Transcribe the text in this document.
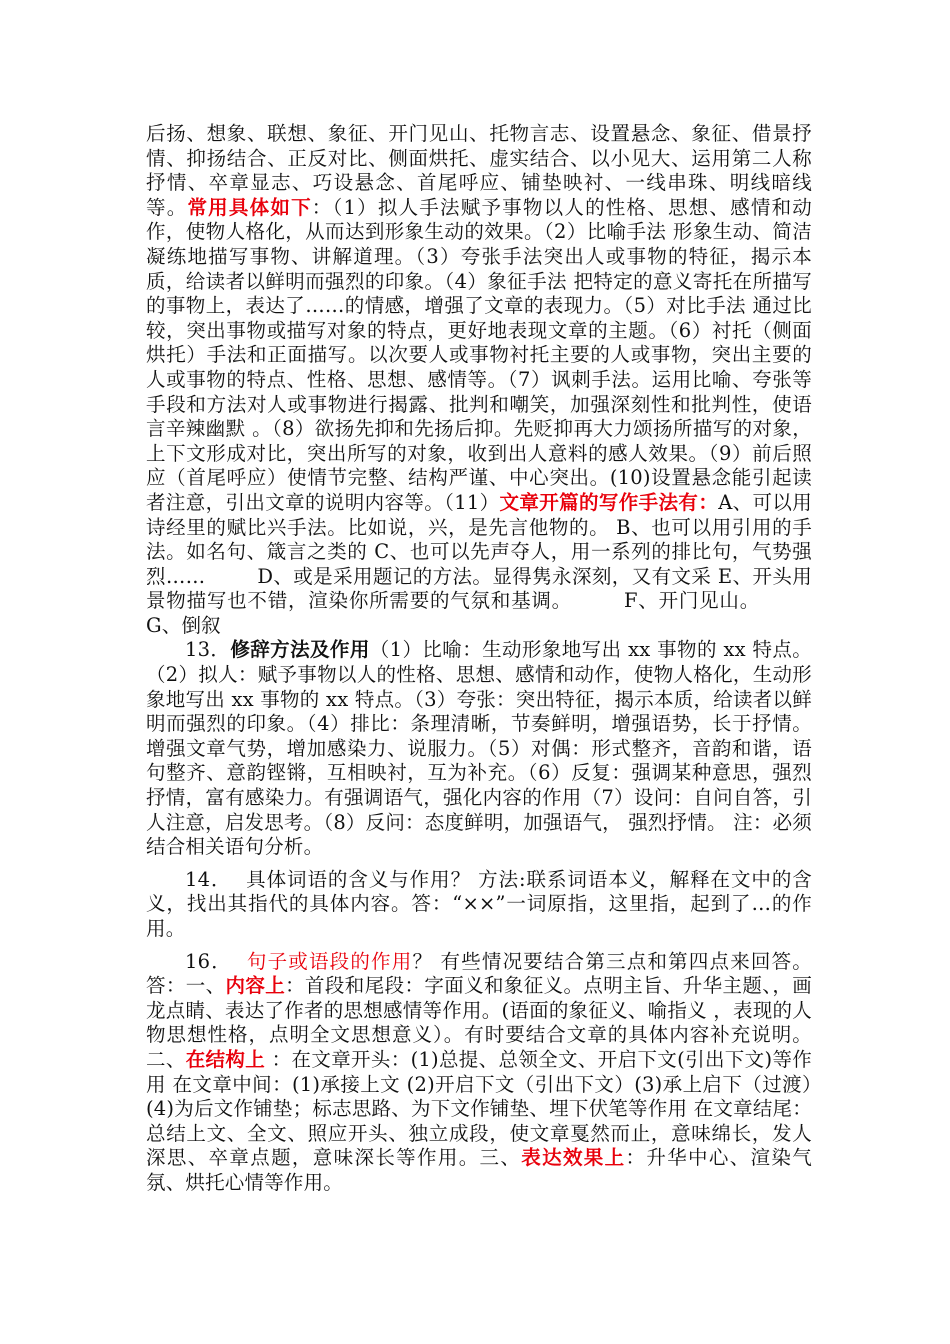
后扬、想象、联想、象征、开门见山、托物言志、设置悬念、象征、借景抒情、抑扬结合、正反对比、侧面烘托、虚实结合、以小见大、运用第二人称抒情、卒章显志、巧设悬念、首尾呼应、铺垫映衬、一线串珠、明线暗线等。常用具体如下：（1）拟人手法赋予事物以人的性格、思想、感情和动作，使物人格化，从而达到形象生动的效果。（2）比喻手法 形象生动、简洁凝练地描写事物、讲解道理。（3）夸张手法突出人或事物的特征，揭示本质，给读者以鲜明而强烈的印象。（4）象征手法 把特定的意义寄托在所描写的事物上，表达了……的情感，增强了文章的表现力。（5）对比手法 通过比较，突出事物或描写对象的特点，更好地表现文章的主题。（6）衬托（侧面烘托）手法和正面描写。以次要人或事物衬托主要的人或事物，突出主要的人或事物的特点、性格、思想、感情等。（7）讽刺手法。运用比喻、夸张等手段和方法对人或事物进行揭露、批判和嘲笑，加强深刻性和批判性，使语言辛辣幽默 。（8）欲扬先抑和先扬后抑。先贬抑再大力颂扬所描写的对象，上下文形成对比，突出所写的对象，收到出人意料的感人效果。（9）前后照应（首尾呼应）使情节完整、结构严谨、中心突出。(10)设置悬念能引起读者注意，引出文章的说明内容等。（11）文章开篇的写作手法有：A、可以用诗经里的赋比兴手法。比如说，兴，是先言他物的。 B、也可以用引用的手法。如名句、箴言之类的 C、也可以先声夺人，用一系列的排比句，气势强烈……	D、或是采用题记的方法。显得隽永深刻，又有文采 E、开头用景物描写也不错，渲染你所需要的气氛和基调。	F、开门见山。G、倒叙

13．修辞方法及作用（1）比喻：生动形象地写出 xx 事物的 xx 特点。（2）拟人：赋予事物以人的性格、思想、感情和动作，使物人格化，生动形象地写出 xx 事物的 xx 特点。（3）夸张：突出特征，揭示本质，给读者以鲜明而强烈的印象。（4）排比：条理清晰，节奏鲜明，增强语势，长于抒情。增强文章气势，增加感染力、说服力。（5）对偶：形式整齐，音韵和谐，语句整齐、意韵铿锵，互相映衬，互为补充。（6）反复：强调某种意思，强烈抒情，富有感染力。有强调语气，强化内容的作用（7）设问：自问自答，引人注意，启发思考。（8）反问：态度鲜明，加强语气， 强烈抒情。 注：必须结合相关语句分析。

14． 具体词语的含义与作用？ 方法:联系词语本义，解释在文中的含义，找出其指代的具体内容。答：“××”一词原指，这里指，起到了…的作用。

16． 句子或语段的作用？ 有些情况要结合第三点和第四点来回答。答：一、内容上：首段和尾段：字面义和象征义。点明主旨、升华主题、，画龙点睛、表达了作者的思想感情等作用。(语面的象征义、喻指义 ，表现的人物思想性格，点明全文思想意义）。有时要结合文章的具体内容补充说明。 二、在结构上 ：在文章开头：(1)总提、总领全文、开启下文(引出下文)等作用 在文章中间：(1)承接上文 (2)开启下文（引出下文）(3)承上启下（过渡）(4)为后文作铺垫；标志思路、为下文作铺垫、埋下伏笔等作用 在文章结尾：总结上文、全文、照应开头、独立成段，使文章戛然而止，意味绵长，发人深思、卒章点题，意味深长等作用。三、表达效果上：升华中心、渲染气氛、烘托心情等作用。
